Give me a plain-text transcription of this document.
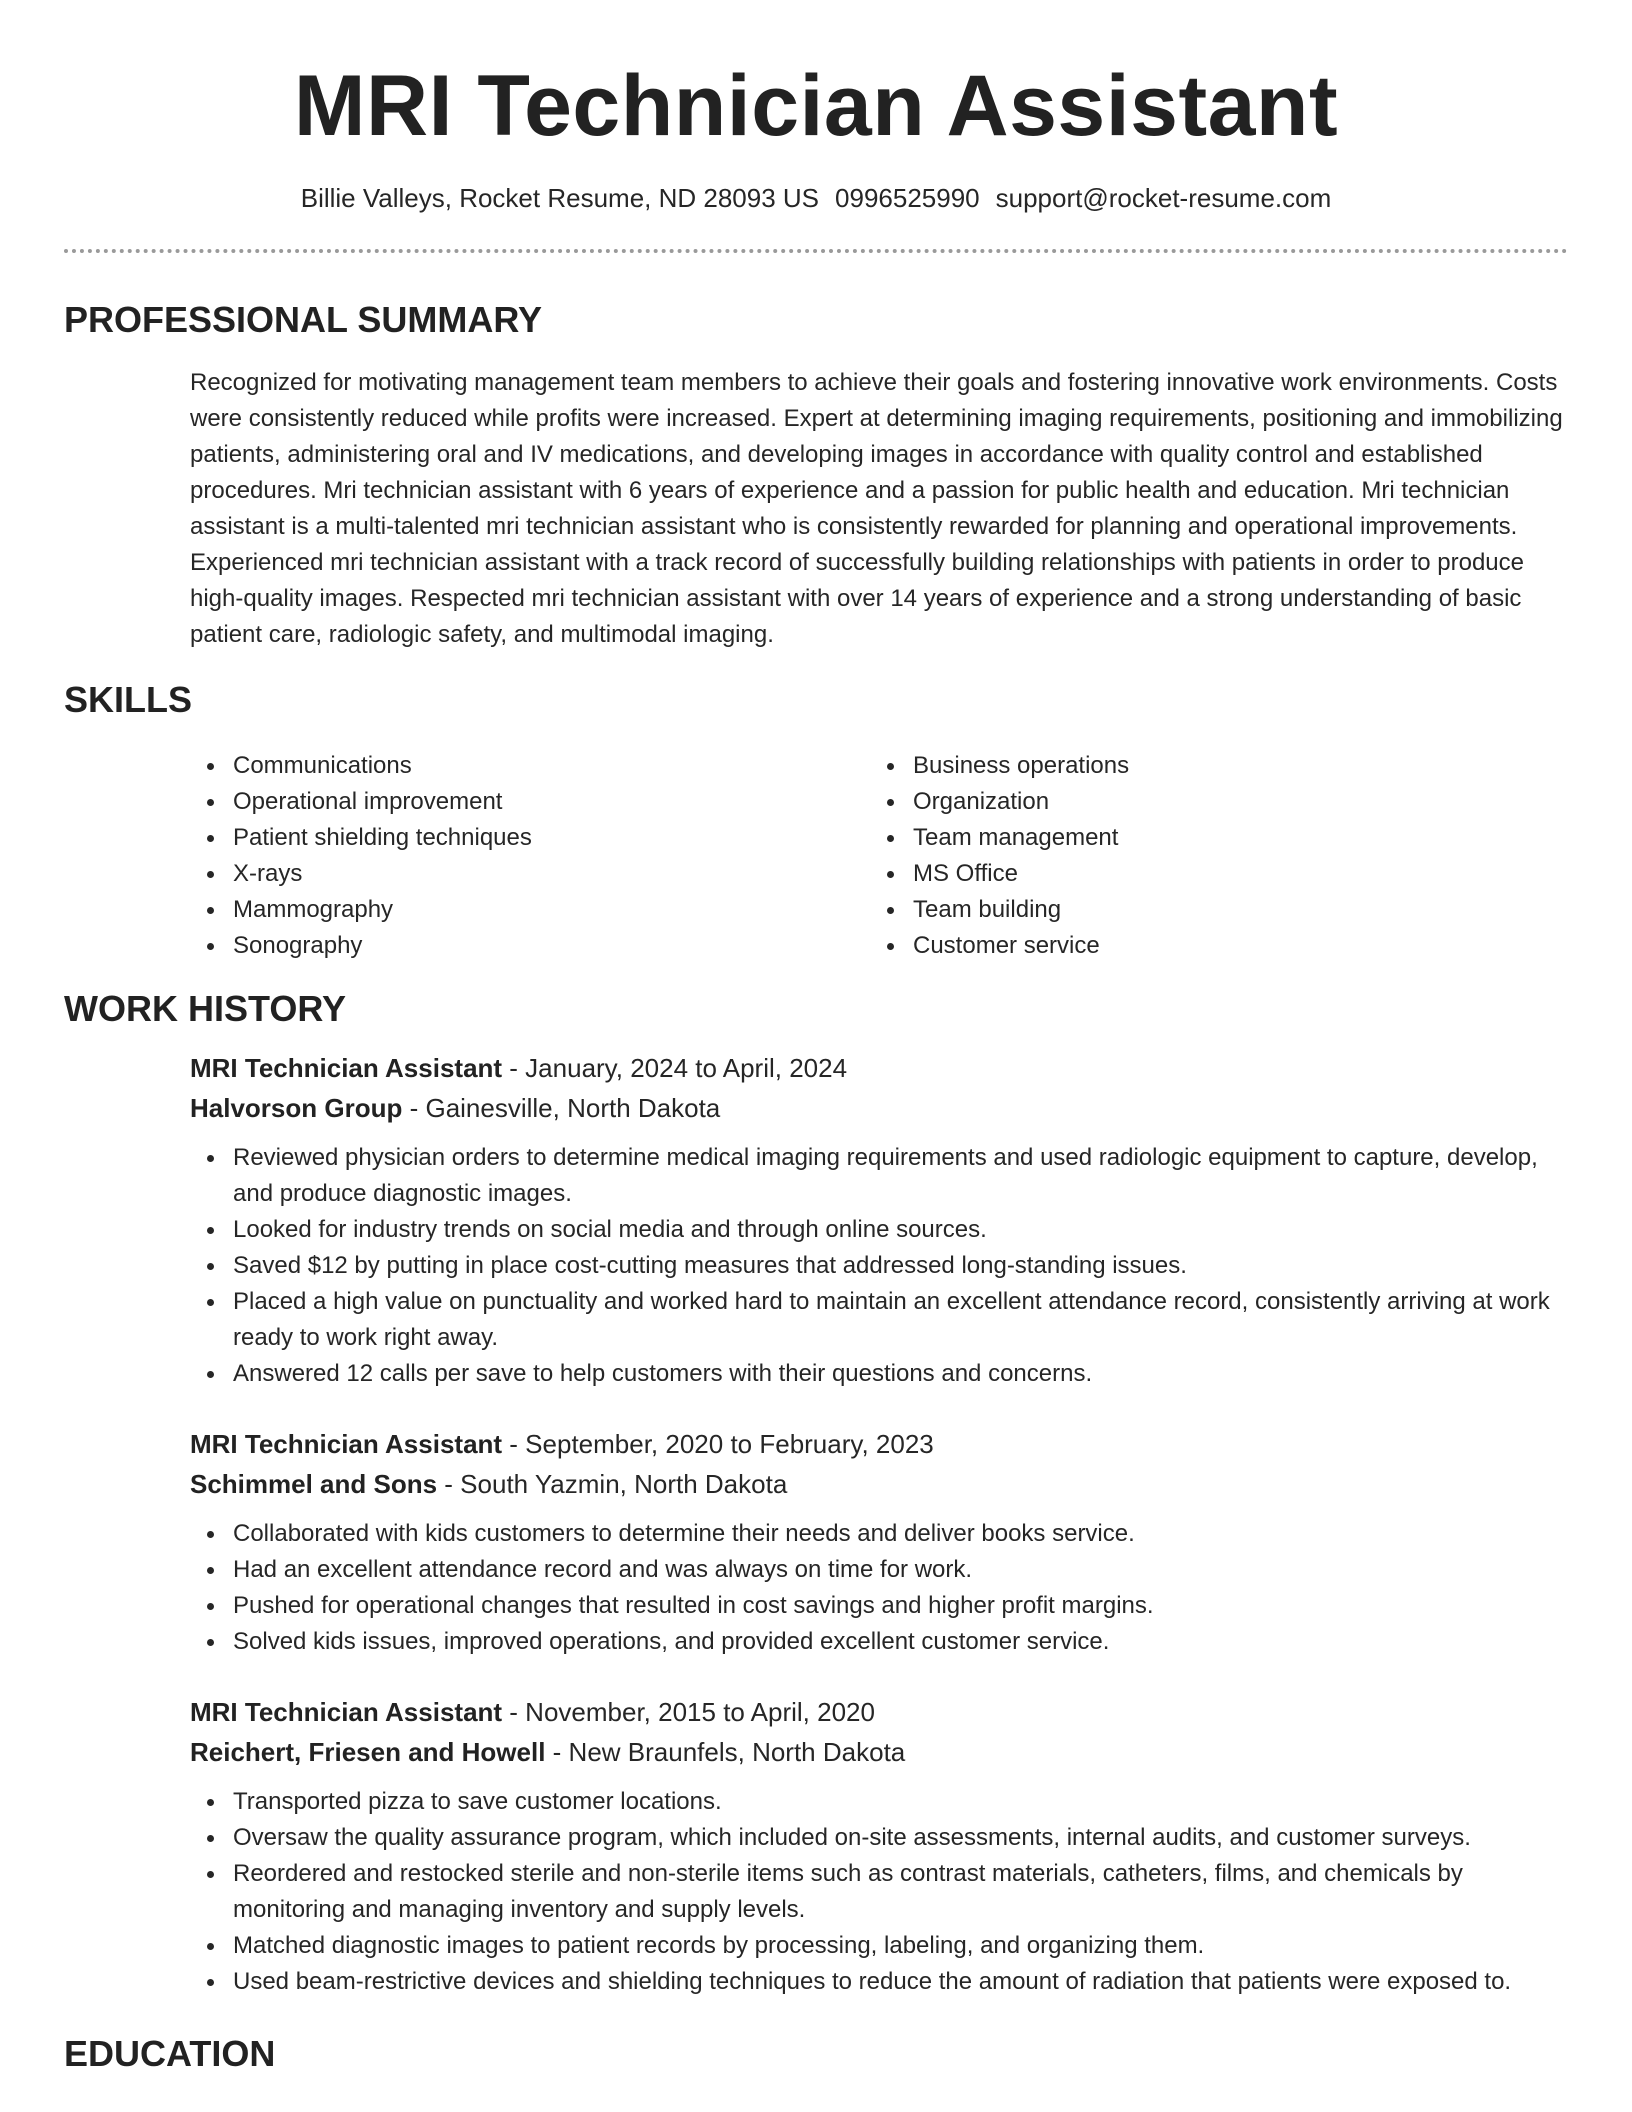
MRI Technician Assistant
Billie Valleys, Rocket Resume, ND 28093 US 0996525990 support@rocket-resume.com
PROFESSIONAL SUMMARY
Recognized for motivating management team members to achieve their goals and fostering innovative work environments. Costs were consistently reduced while profits were increased. Expert at determining imaging requirements, positioning and immobilizing patients, administering oral and IV medications, and developing images in accordance with quality control and established procedures. Mri technician assistant with 6 years of experience and a passion for public health and education. Mri technician assistant is a multi-talented mri technician assistant who is consistently rewarded for planning and operational improvements. Experienced mri technician assistant with a track record of successfully building relationships with patients in order to produce high-quality images. Respected mri technician assistant with over 14 years of experience and a strong understanding of basic patient care, radiologic safety, and multimodal imaging.
SKILLS
Communications
Operational improvement
Patient shielding techniques
X-rays
Mammography
Sonography
Business operations
Organization
Team management
MS Office
Team building
Customer service
WORK HISTORY
MRI Technician Assistant - January, 2024 to April, 2024
Halvorson Group - Gainesville, North Dakota
Reviewed physician orders to determine medical imaging requirements and used radiologic equipment to capture, develop, and produce diagnostic images.
Looked for industry trends on social media and through online sources.
Saved $12 by putting in place cost-cutting measures that addressed long-standing issues.
Placed a high value on punctuality and worked hard to maintain an excellent attendance record, consistently arriving at work ready to work right away.
Answered 12 calls per save to help customers with their questions and concerns.
MRI Technician Assistant - September, 2020 to February, 2023
Schimmel and Sons - South Yazmin, North Dakota
Collaborated with kids customers to determine their needs and deliver books service.
Had an excellent attendance record and was always on time for work.
Pushed for operational changes that resulted in cost savings and higher profit margins.
Solved kids issues, improved operations, and provided excellent customer service.
MRI Technician Assistant - November, 2015 to April, 2020
Reichert, Friesen and Howell - New Braunfels, North Dakota
Transported pizza to save customer locations.
Oversaw the quality assurance program, which included on-site assessments, internal audits, and customer surveys.
Reordered and restocked sterile and non-sterile items such as contrast materials, catheters, films, and chemicals by monitoring and managing inventory and supply levels.
Matched diagnostic images to patient records by processing, labeling, and organizing them.
Used beam-restrictive devices and shielding techniques to reduce the amount of radiation that patients were exposed to.
EDUCATION
